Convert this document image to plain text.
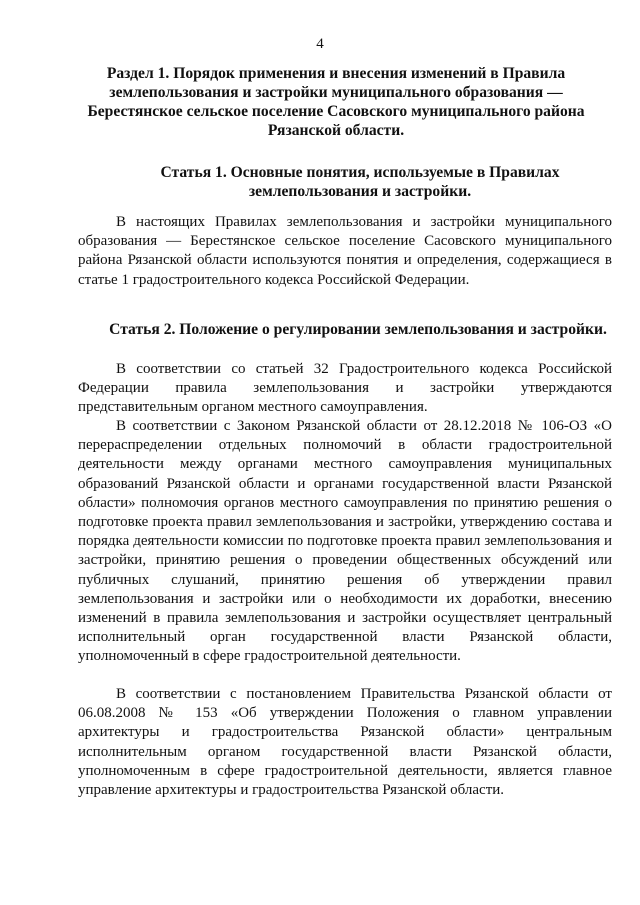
4
Раздел 1. Порядок применения и внесения изменений в Правила землепользования и застройки муниципального образования — Берестянское сельское поселение Сасовского муниципального района Рязанской области.
Статья 1. Основные понятия, используемые в Правилах землепользования и застройки.

В настоящих Правилах землепользования и застройки муниципального образования — Берестянское сельское поселение Сасовского муниципального района Рязанской области используются понятия и определения, содержащиеся в статье 1 градостроительного кодекса Российской Федерации.

Статья 2. Положение о регулировании землепользования и застройки.

В соответствии со статьей 32 Градостроительного кодекса Российской Федерации правила землепользования и застройки утверждаются представительным органом местного самоуправления.

В соответствии с Законом Рязанской области от 28.12.2018 № 106-ОЗ «О перераспределении отдельных полномочий в области градостроительной деятельности между органами местного самоуправления муниципальных образований Рязанской области и органами государственной власти Рязанской области» полномочия органов местного самоуправления по принятию решения о подготовке проекта правил землепользования и застройки, утверждению состава и порядка деятельности комиссии по подготовке проекта правил землепользования и застройки, принятию решения о проведении общественных обсуждений или публичных слушаний, принятию решения об утверждении правил землепользования и застройки или о необходимости их доработки, внесению изменений в правила землепользования и застройки осуществляет центральный исполнительный орган государственной власти Рязанской области, уполномоченный в сфере градостроительной деятельности.

В соответствии с постановлением Правительства Рязанской области от 06.08.2008 № 153 «Об утверждении Положения о главном управлении архитектуры и градостроительства Рязанской области» центральным исполнительным органом государственной власти Рязанской области, уполномоченным в сфере градостроительной деятельности, является главное управление архитектуры и градостроительства Рязанской области.
